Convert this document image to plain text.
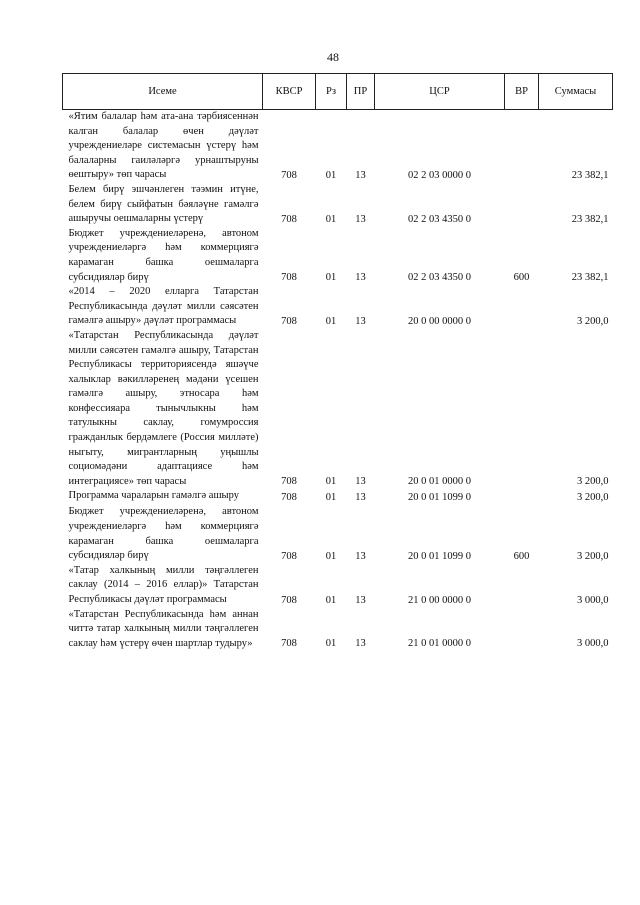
48
Исеме	КВСР	Рз	ПР	ЦСР	ВР	Суммасы
«Ятим балалар һәм ата-ана тәрбиясеннән калган балалар өчен дәүләт учреждениеләре системасын үстерү һәм балаларны гаиләләргә урнаштыруны өештыру» төп чарасы	708	01	13	02 2 03 0000 0		23 382,1
Белем бирү эшчәнлеген тәэмин итүне, белем бирү сыйфатын бәяләүне гамәлгә ашыручы оешмаларны үстерү	708	01	13	02 2 03 4350 0		23 382,1
Бюджет учреждениеләренә, автоном учреждениеләргә һәм коммерциягә карамаган башка оешмаларга субсидияләр бирү	708	01	13	02 2 03 4350 0	600	23 382,1
«2014 – 2020 елларга Татарстан Республикасында дәүләт милли сәясәтен гамәлгә ашыру» дәүләт программасы	708	01	13	20 0 00 0000 0		3 200,0
«Татарстан Республикасында дәүләт милли сәясәтен гамәлгә ашыру, Татарстан Республикасы территориясендә яшәүче халыклар вәкилләренең мәдәни үсешен гамәлгә ашыру, этносара һәм конфессияара тынычлыкны һәм татулыкны саклау, гомумроссия гражданлык бердәмлеге (Россия милләте) ныгыту, мигрантларның уңышлы социомәдәни адаптациясе һәм интеграциясе» төп чарасы	708	01	13	20 0 01 0000 0		3 200,0
Программа чараларын гамәлгә ашыру	708	01	13	20 0 01 1099 0		3 200,0
Бюджет учреждениеләренә, автоном учреждениеләргә һәм коммерциягә карамаган башка оешмаларга субсидияләр бирү	708	01	13	20 0 01 1099 0	600	3 200,0
«Татар халкының милли тәңгәллеген саклау (2014 – 2016 еллар)» Татарстан Республикасы дәүләт программасы	708	01	13	21 0 00 0000 0		3 000,0
«Татарстан Республикасында һәм аннан читтә татар халкының милли тәңгәллеген саклау һәм үстерү өчен шартлар тудыру»	708	01	13	21 0 01 0000 0		3 000,0
